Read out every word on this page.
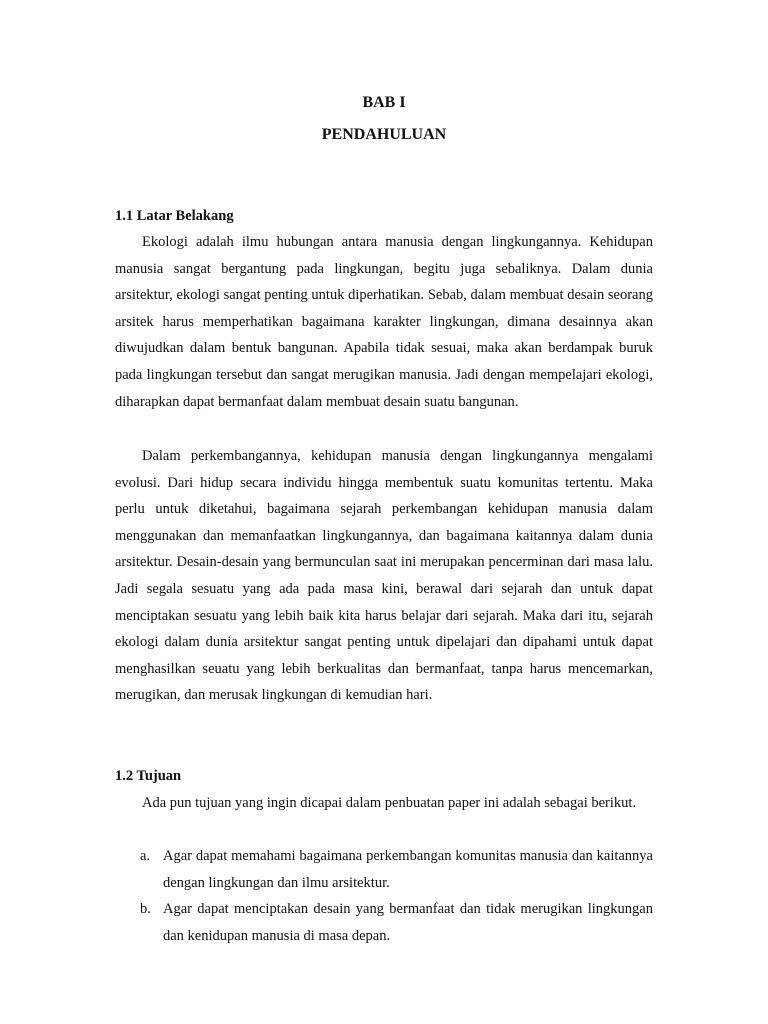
BAB I
PENDAHULUAN
1.1 Latar Belakang

Ekologi adalah ilmu hubungan antara manusia dengan lingkungannya. Kehidupan manusia sangat bergantung pada lingkungan, begitu juga sebaliknya. Dalam dunia arsitektur, ekologi sangat penting untuk diperhatikan. Sebab, dalam membuat desain seorang arsitek harus memperhatikan bagaimana karakter lingkungan, dimana desainnya akan diwujudkan dalam bentuk bangunan. Apabila tidak sesuai, maka akan berdampak buruk pada lingkungan tersebut dan sangat merugikan manusia. Jadi dengan mempelajari ekologi, diharapkan dapat bermanfaat dalam membuat desain suatu bangunan.

Dalam perkembangannya, kehidupan manusia dengan lingkungannya mengalami evolusi. Dari hidup secara individu hingga membentuk suatu komunitas tertentu. Maka perlu untuk diketahui, bagaimana sejarah perkembangan kehidupan manusia dalam menggunakan dan memanfaatkan lingkungannya, dan bagaimana kaitannya dalam dunia arsitektur. Desain-desain yang bermunculan saat ini merupakan pencerminan dari masa lalu. Jadi segala sesuatu yang ada pada masa kini, berawal dari sejarah dan untuk dapat menciptakan sesuatu yang lebih baik kita harus belajar dari sejarah. Maka dari itu, sejarah ekologi dalam dunia arsitektur sangat penting untuk dipelajari dan dipahami untuk dapat menghasilkan seuatu yang lebih berkualitas dan bermanfaat, tanpa harus mencemarkan, merugikan, dan merusak lingkungan di kemudian hari.

1.2 Tujuan

Ada pun tujuan yang ingin dicapai dalam penbuatan paper ini adalah sebagai berikut.

a. Agar dapat memahami bagaimana perkembangan komunitas manusia dan kaitannya dengan lingkungan dan ilmu arsitektur.
b. Agar dapat menciptakan desain yang bermanfaat dan tidak merugikan lingkungan dan kenidupan manusia di masa depan.
